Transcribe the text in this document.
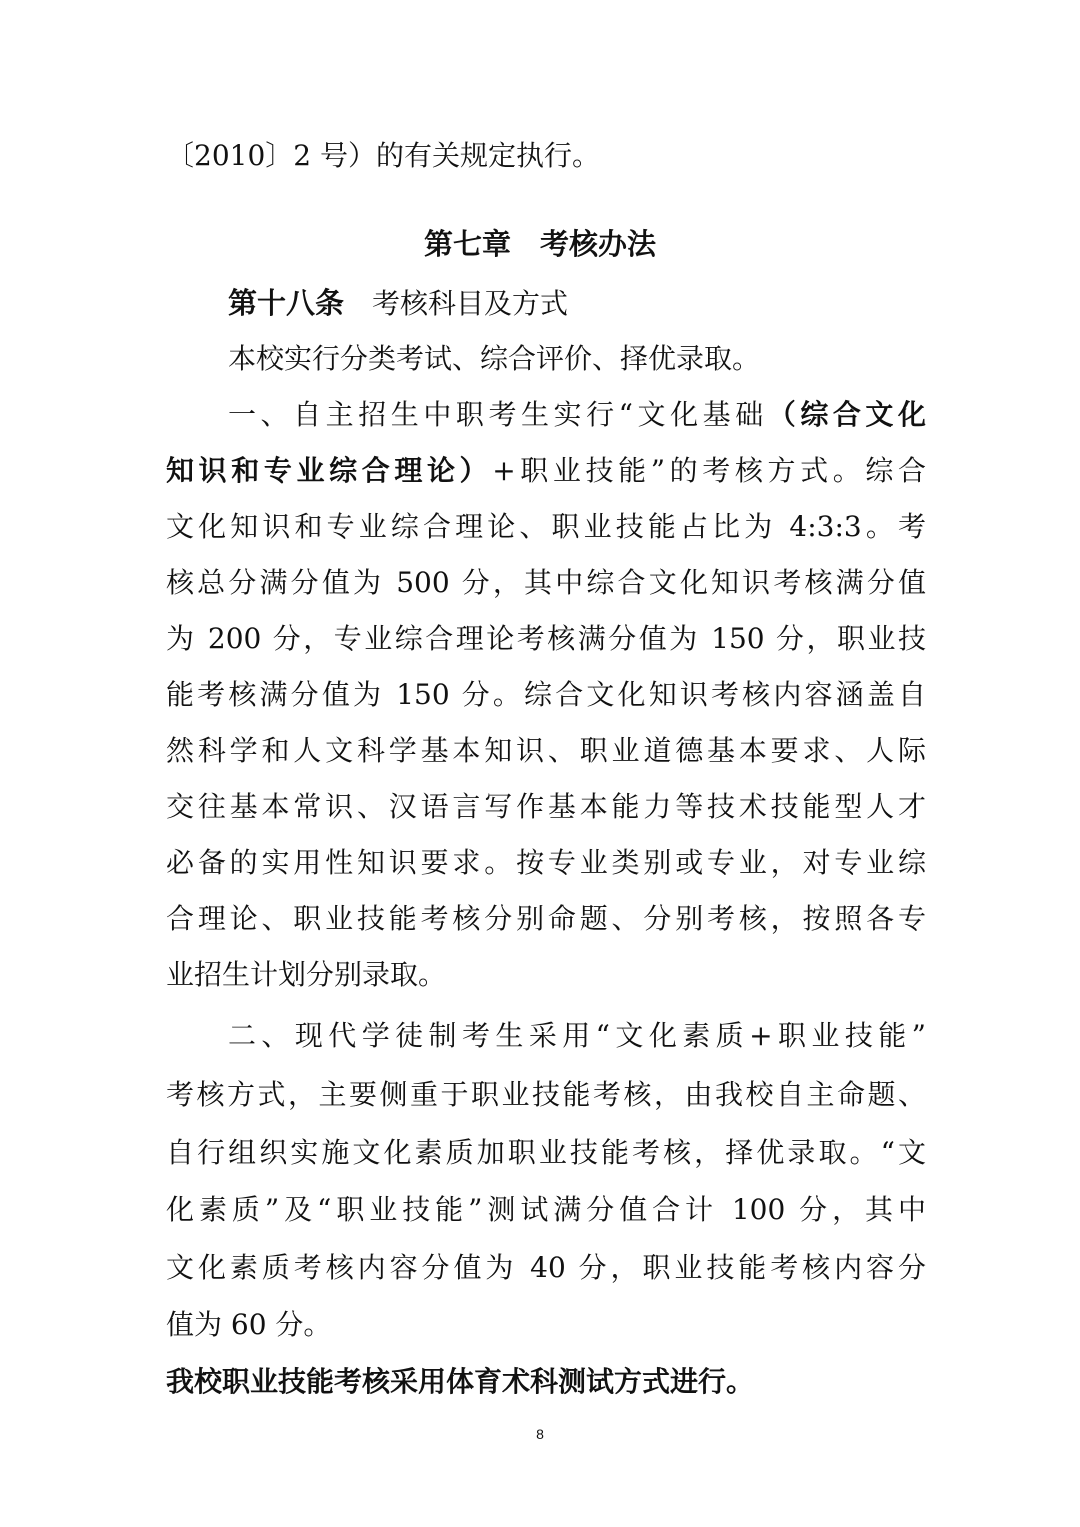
〔2010〕2 号）的有关规定执行。
第七章　考核办法
第十八条　 考核科目及方式
本校实行分类考试、综合评价、择优录取。
一、自主招生中职考生实行“文化基础（综合文化
知识和专业综合理论）+职业技能”的考核方式。综合
文化知识和专业综合理论、职业技能占比为 4:3:3。考
核总分满分值为 500 分，其中综合文化知识考核满分值
为 200 分，专业综合理论考核满分值为 150 分，职业技
能考核满分值为 150 分。综合文化知识考核内容涵盖自
然科学和人文科学基本知识、职业道德基本要求、人际
交往基本常识、汉语言写作基本能力等技术技能型人才
必备的实用性知识要求。按专业类别或专业，对专业综
合理论、职业技能考核分别命题、分别考核，按照各专
业招生计划分别录取。
二、现代学徒制考生采用“文化素质+职业技能”
考核方式，主要侧重于职业技能考核，由我校自主命题、
自行组织实施文化素质加职业技能考核，择优录取。“文
化素质”及“职业技能”测试满分值合计 100 分，其中
文化素质考核内容分值为 40 分，职业技能考核内容分
值为 60 分。
我校职业技能考核采用体育术科测试方式进行。
8
